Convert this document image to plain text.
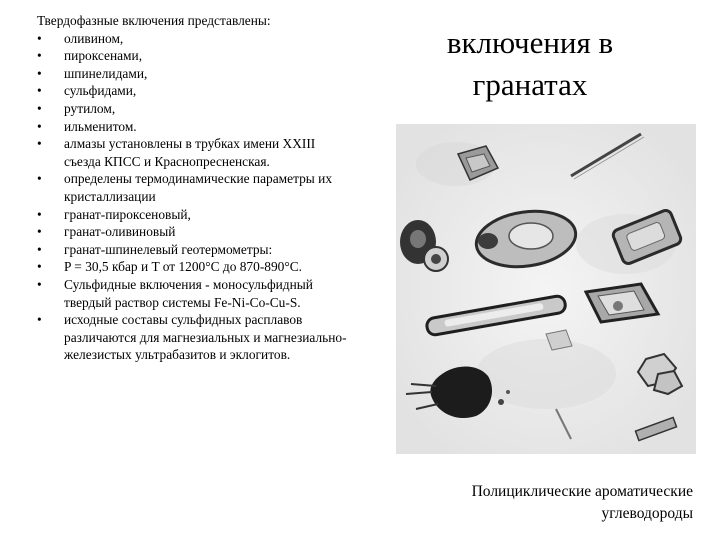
Твердофазные включения представлены:
• оливином,
• пироксенами,
• шпинелидами,
• сульфидами,
• рутилом,
• ильменитом.
• алмазы установлены в трубках имени XXIII съезда КПСС и Краснопресненская.
• определены термодинамические параметры их кристаллизации
• гранат-пироксеновый,
• гранат-оливиновый
• гранат-шпинелевый геотермометры:
• P = 30,5 кбар и T от 1200°C до 870-890°C.
• Сульфидные включения - моносульфидный твердый раствор системы Fe-Ni-Co-Cu-S.
• исходные составы сульфидных расплавов различаются для магнезиальных и магнезиально-железистых ультрабазитов и эклогитов.
включения в гранатах
Полициклические ароматические углеводороды
